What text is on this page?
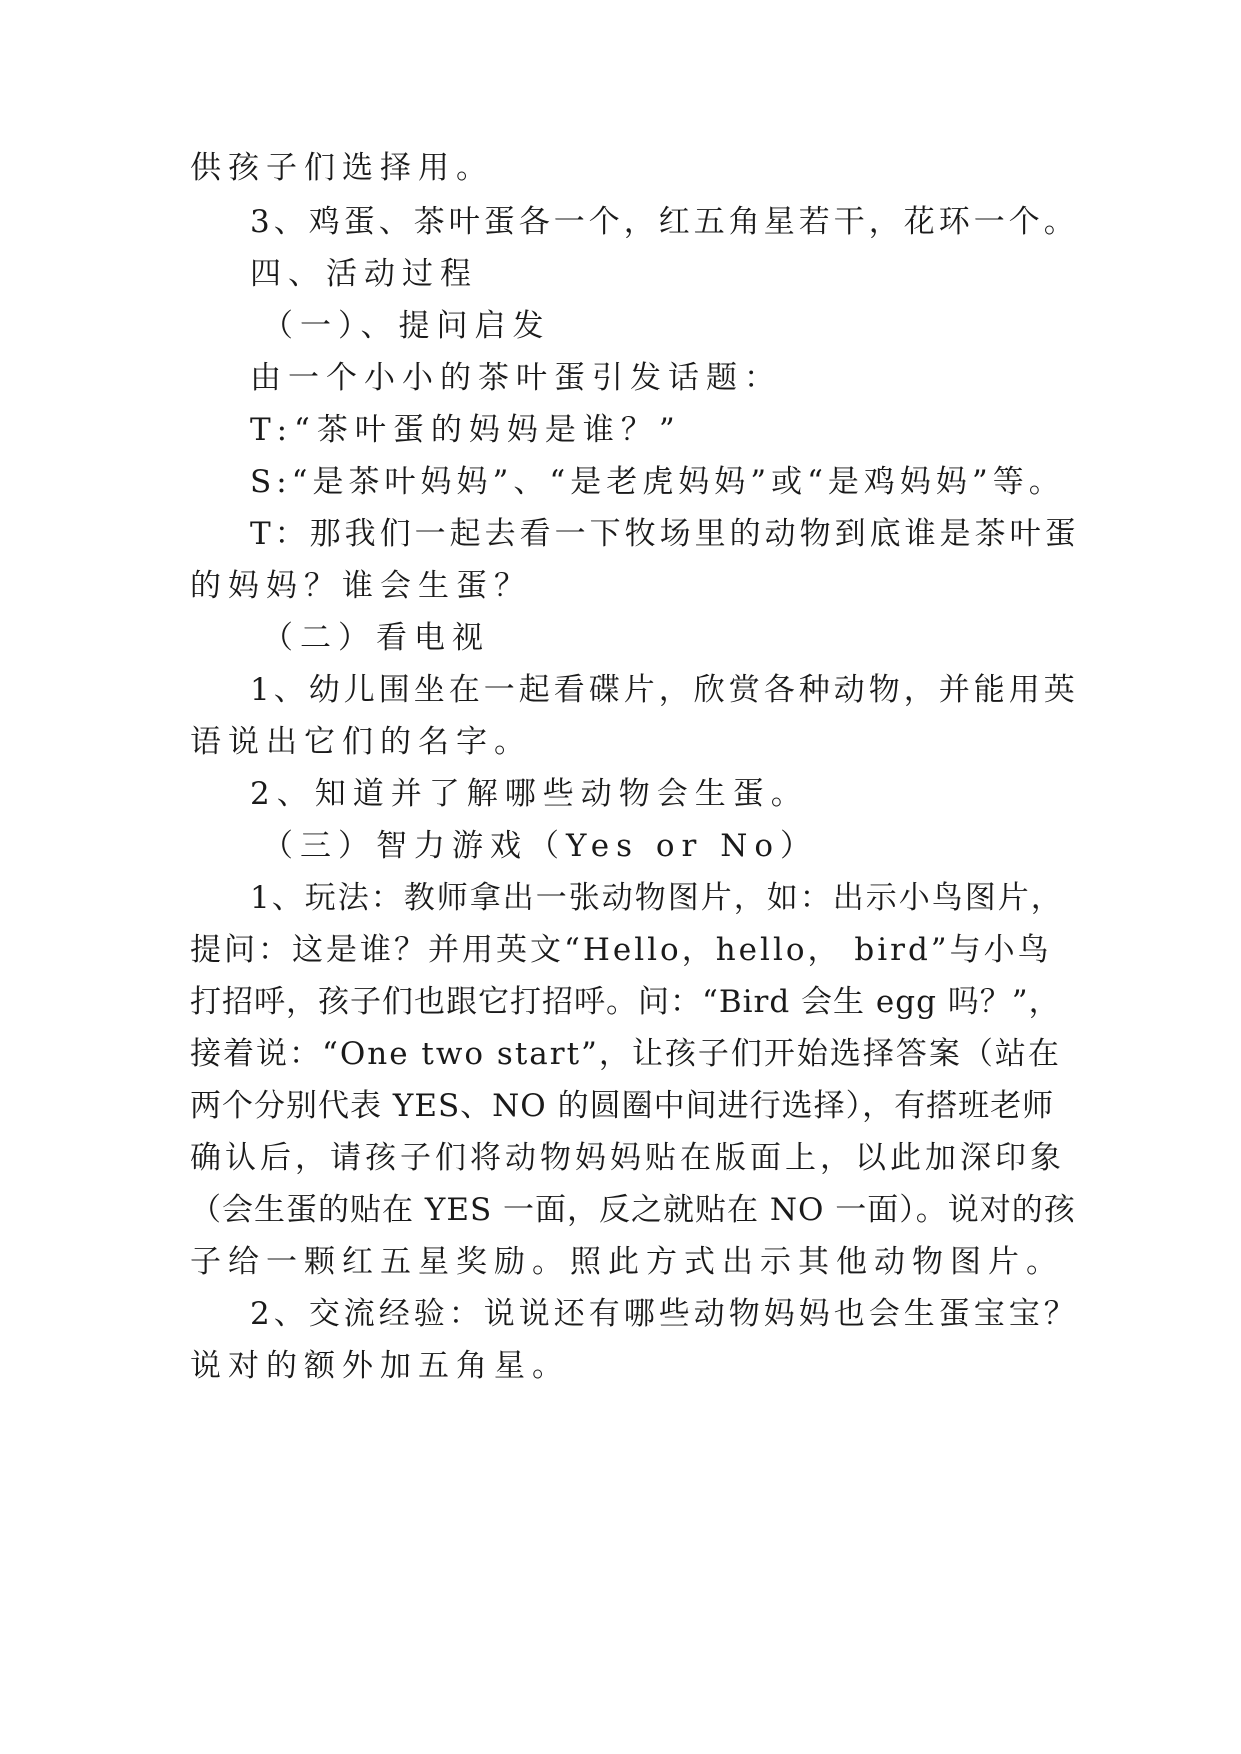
供孩子们选择用。
3、鸡蛋、茶叶蛋各一个，红五角星若干，花环一个。
四、活动过程
（一）、提问启发
由一个小小的茶叶蛋引发话题：
T:“茶叶蛋的妈妈是谁？”
S:“是茶叶妈妈”、“是老虎妈妈”或“是鸡妈妈”等。
T：那我们一起去看一下牧场里的动物到底谁是茶叶蛋
的妈妈？谁会生蛋？
（二）看电视
1、幼儿围坐在一起看碟片，欣赏各种动物，并能用英
语说出它们的名字。
2、知道并了解哪些动物会生蛋。
（三）智力游戏（Yes or No）
1、玩法：教师拿出一张动物图片，如：出示小鸟图片，
提问：这是谁？并用英文“Hello，hello， bird”与小鸟
打招呼，孩子们也跟它打招呼。问：“Bird 会生 egg 吗？”，
接着说：“One two start”，让孩子们开始选择答案（站在
两个分别代表 YES、NO 的圆圈中间进行选择），有搭班老师
确认后，请孩子们将动物妈妈贴在版面上，以此加深印象
（会生蛋的贴在 YES 一面，反之就贴在 NO 一面）。说对的孩
子给一颗红五星奖励。照此方式出示其他动物图片。
2、交流经验：说说还有哪些动物妈妈也会生蛋宝宝？
说对的额外加五角星。
